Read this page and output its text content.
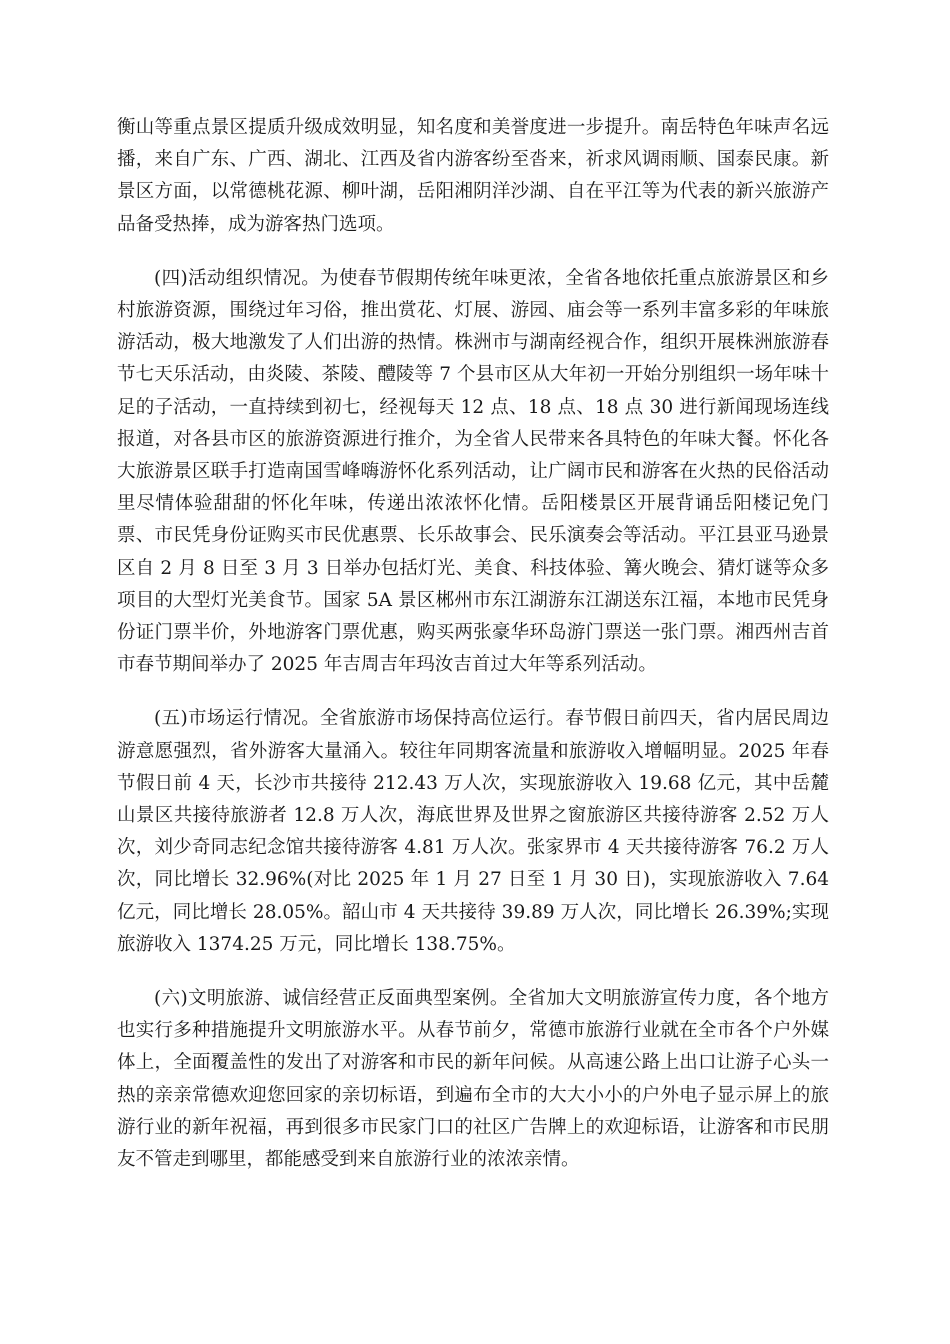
衡山等重点景区提质升级成效明显，知名度和美誉度进一步提升。南岳特色年味声名远播，来自广东、广西、湖北、江西及省内游客纷至沓来，祈求风调雨顺、国泰民康。新景区方面，以常德桃花源、柳叶湖，岳阳湘阴洋沙湖、自在平江等为代表的新兴旅游产品备受热捧，成为游客热门选项。

(四)活动组织情况。为使春节假期传统年味更浓，全省各地依托重点旅游景区和乡村旅游资源，围绕过年习俗，推出赏花、灯展、游园、庙会等一系列丰富多彩的年味旅游活动，极大地激发了人们出游的热情。株洲市与湖南经视合作，组织开展株洲旅游春节七天乐活动，由炎陵、茶陵、醴陵等 7 个县市区从大年初一开始分别组织一场年味十足的子活动，一直持续到初七，经视每天 12 点、18 点、18 点 30 进行新闻现场连线报道，对各县市区的旅游资源进行推介，为全省人民带来各具特色的年味大餐。怀化各大旅游景区联手打造南国雪峰嗨游怀化系列活动，让广阔市民和游客在火热的民俗活动里尽情体验甜甜的怀化年味，传递出浓浓怀化情。岳阳楼景区开展背诵岳阳楼记免门票、市民凭身份证购买市民优惠票、长乐故事会、民乐演奏会等活动。平江县亚马逊景区自 2 月 8 日至 3 月 3 日举办包括灯光、美食、科技体验、篝火晚会、猜灯谜等众多项目的大型灯光美食节。国家 5A 景区郴州市东江湖游东江湖送东江福，本地市民凭身份证门票半价，外地游客门票优惠，购买两张豪华环岛游门票送一张门票。湘西州吉首市春节期间举办了 2025 年吉周吉年玛汝吉首过大年等系列活动。

(五)市场运行情况。全省旅游市场保持高位运行。春节假日前四天，省内居民周边游意愿强烈，省外游客大量涌入。较往年同期客流量和旅游收入增幅明显。2025 年春节假日前 4 天，长沙市共接待 212.43 万人次，实现旅游收入 19.68 亿元，其中岳麓山景区共接待旅游者 12.8 万人次，海底世界及世界之窗旅游区共接待游客 2.52 万人次，刘少奇同志纪念馆共接待游客 4.81 万人次。张家界市 4 天共接待游客 76.2 万人次，同比增长 32.96%(对比 2025 年 1 月 27 日至 1 月 30 日)，实现旅游收入 7.64 亿元，同比增长 28.05%。韶山市 4 天共接待 39.89 万人次，同比增长 26.39%;实现旅游收入 1374.25 万元，同比增长 138.75%。

(六)文明旅游、诚信经营正反面典型案例。全省加大文明旅游宣传力度，各个地方也实行多种措施提升文明旅游水平。从春节前夕，常德市旅游行业就在全市各个户外媒体上，全面覆盖性的发出了对游客和市民的新年问候。从高速公路上出口让游子心头一热的亲亲常德欢迎您回家的亲切标语，到遍布全市的大大小小的户外电子显示屏上的旅游行业的新年祝福，再到很多市民家门口的社区广告牌上的欢迎标语，让游客和市民朋友不管走到哪里，都能感受到来自旅游行业的浓浓亲情。
